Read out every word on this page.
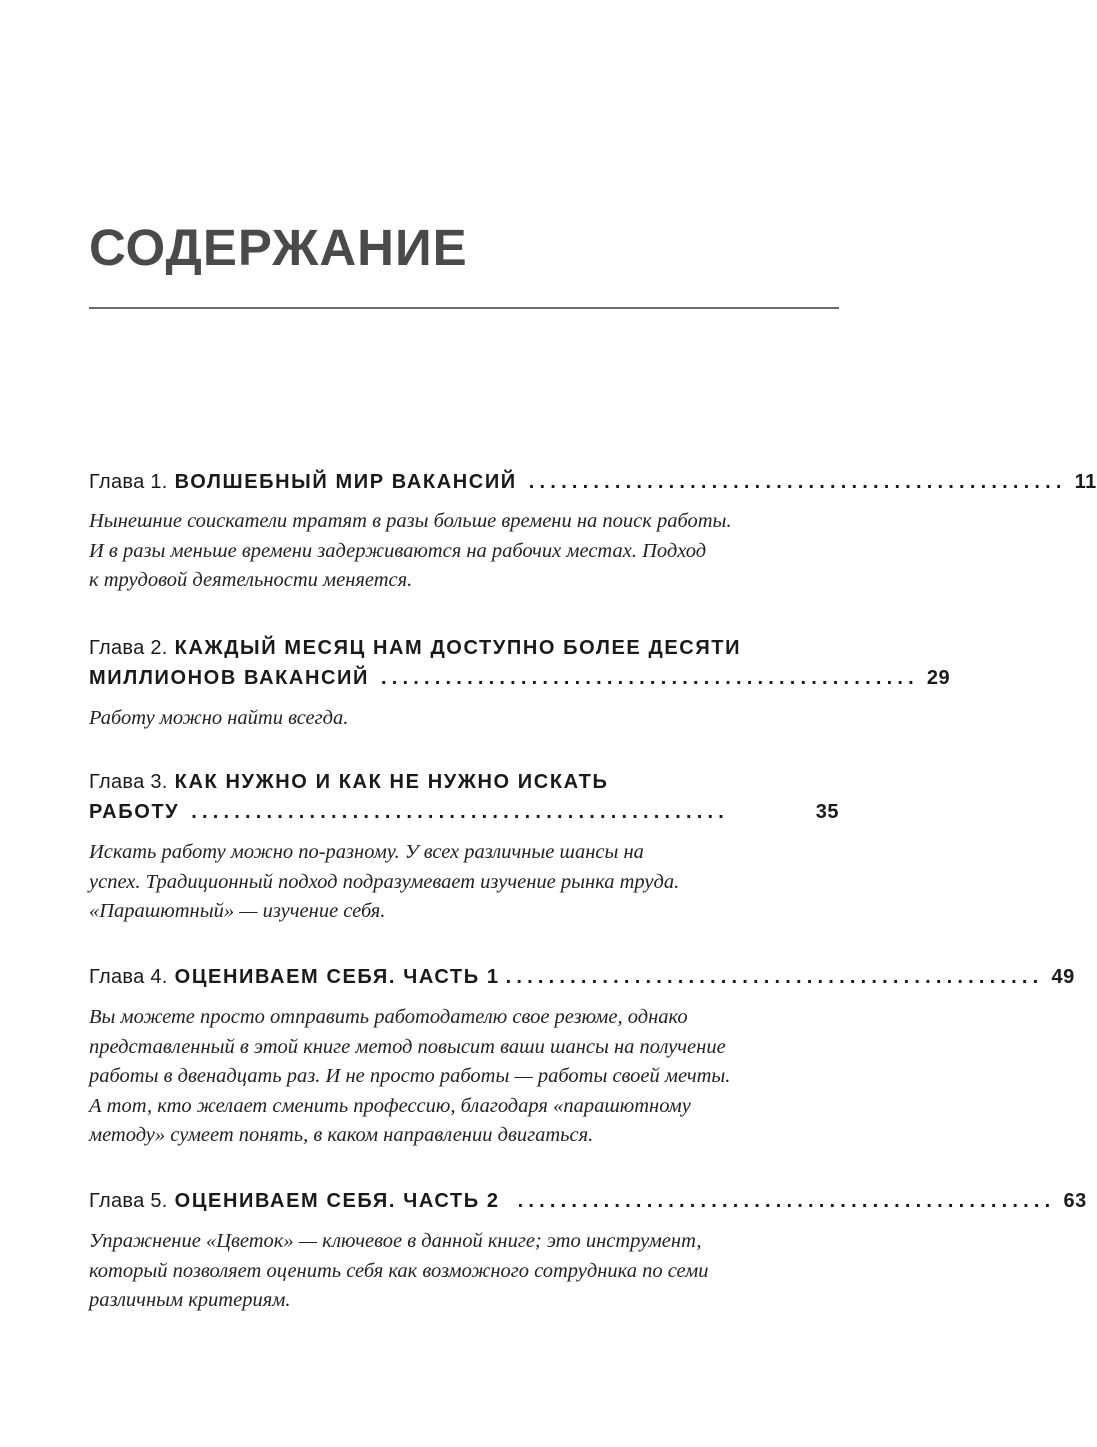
СОДЕРЖАНИЕ
Глава 1. ВОЛШЕБНЫЙ МИР ВАКАНСИЙ .................................................. 11

Нынешние соискатели тратят в разы больше времени на поиск работы.
И в разы меньше времени задерживаются на рабочих местах. Подход
к трудовой деятельности меняется.

Глава 2. КАЖДЫЙ МЕСЯЦ НАМ ДОСТУПНО БОЛЕЕ ДЕСЯТИ
МИЛЛИОНОВ ВАКАНСИЙ .................................................. 29

Работу можно найти всегда.

Глава 3. КАК НУЖНО И КАК НЕ НУЖНО ИСКАТЬ
РАБОТУ ..................................................	35

Искать работу можно по-разному. У всех различные шансы на
успех. Традиционный подход подразумевает изучение рынка труда.
«Парашютный» — изучение себя.

Глава 4. ОЦЕНИВАЕМ СЕБЯ. ЧАСТЬ 1 .................................................. 49

Вы можете просто отправить работодателю свое резюме, однако
представленный в этой книге метод повысит ваши шансы на получение
работы в двенадцать раз. И не просто работы — работы своей мечты.
А тот, кто желает сменить профессию, благодаря «парашютному
методу» сумеет понять, в каком направлении двигаться.

Глава 5. ОЦЕНИВАЕМ СЕБЯ. ЧАСТЬ 2 .................................................. 63

Упражнение «Цветок» — ключевое в данной книге; это инструмент,
который позволяет оценить себя как возможного сотрудника по семи
различным критериям.
